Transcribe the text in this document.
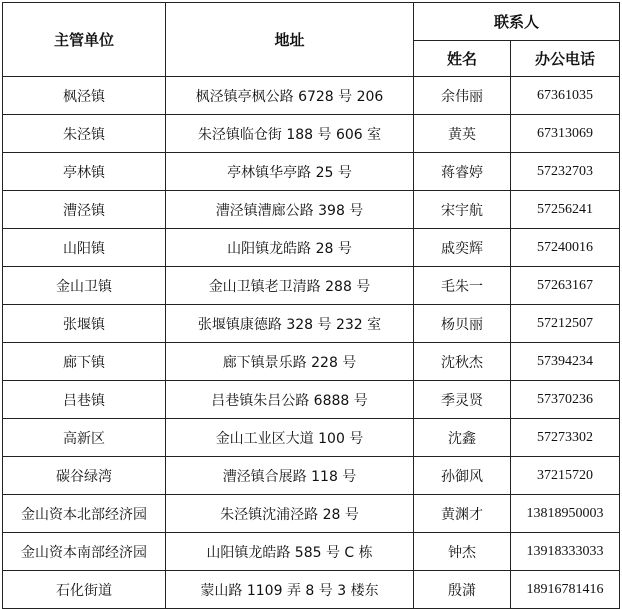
主管单位	地址	联系人	
		姓名	办公电话
枫泾镇	枫泾镇亭枫公路 6728 号 206	余伟丽	67361035
朱泾镇	朱泾镇临仓街 188 号 606 室	黄英	67313069
亭林镇	亭林镇华亭路 25 号	蒋睿婷	57232703
漕泾镇	漕泾镇漕廊公路 398 号	宋宇航	57256241
山阳镇	山阳镇龙皓路 28 号	戚奕辉	57240016
金山卫镇	金山卫镇老卫清路 288 号	毛朱一	57263167
张堰镇	张堰镇康德路 328 号 232 室	杨贝丽	57212507
廊下镇	廊下镇景乐路 228 号	沈秋杰	57394234
吕巷镇	吕巷镇朱吕公路 6888 号	季灵贤	57370236
高新区	金山工业区大道 100 号	沈鑫	57273302
碳谷绿湾	漕泾镇合展路 118 号	孙御风	37215720
金山资本北部经济园	朱泾镇沈浦泾路 28 号	黄渊才	13818950003
金山资本南部经济园	山阳镇龙皓路 585 号 C 栋	钟杰	13918333033
石化街道	蒙山路 1109 弄 8 号 3 楼东	殷潇	18916781416
